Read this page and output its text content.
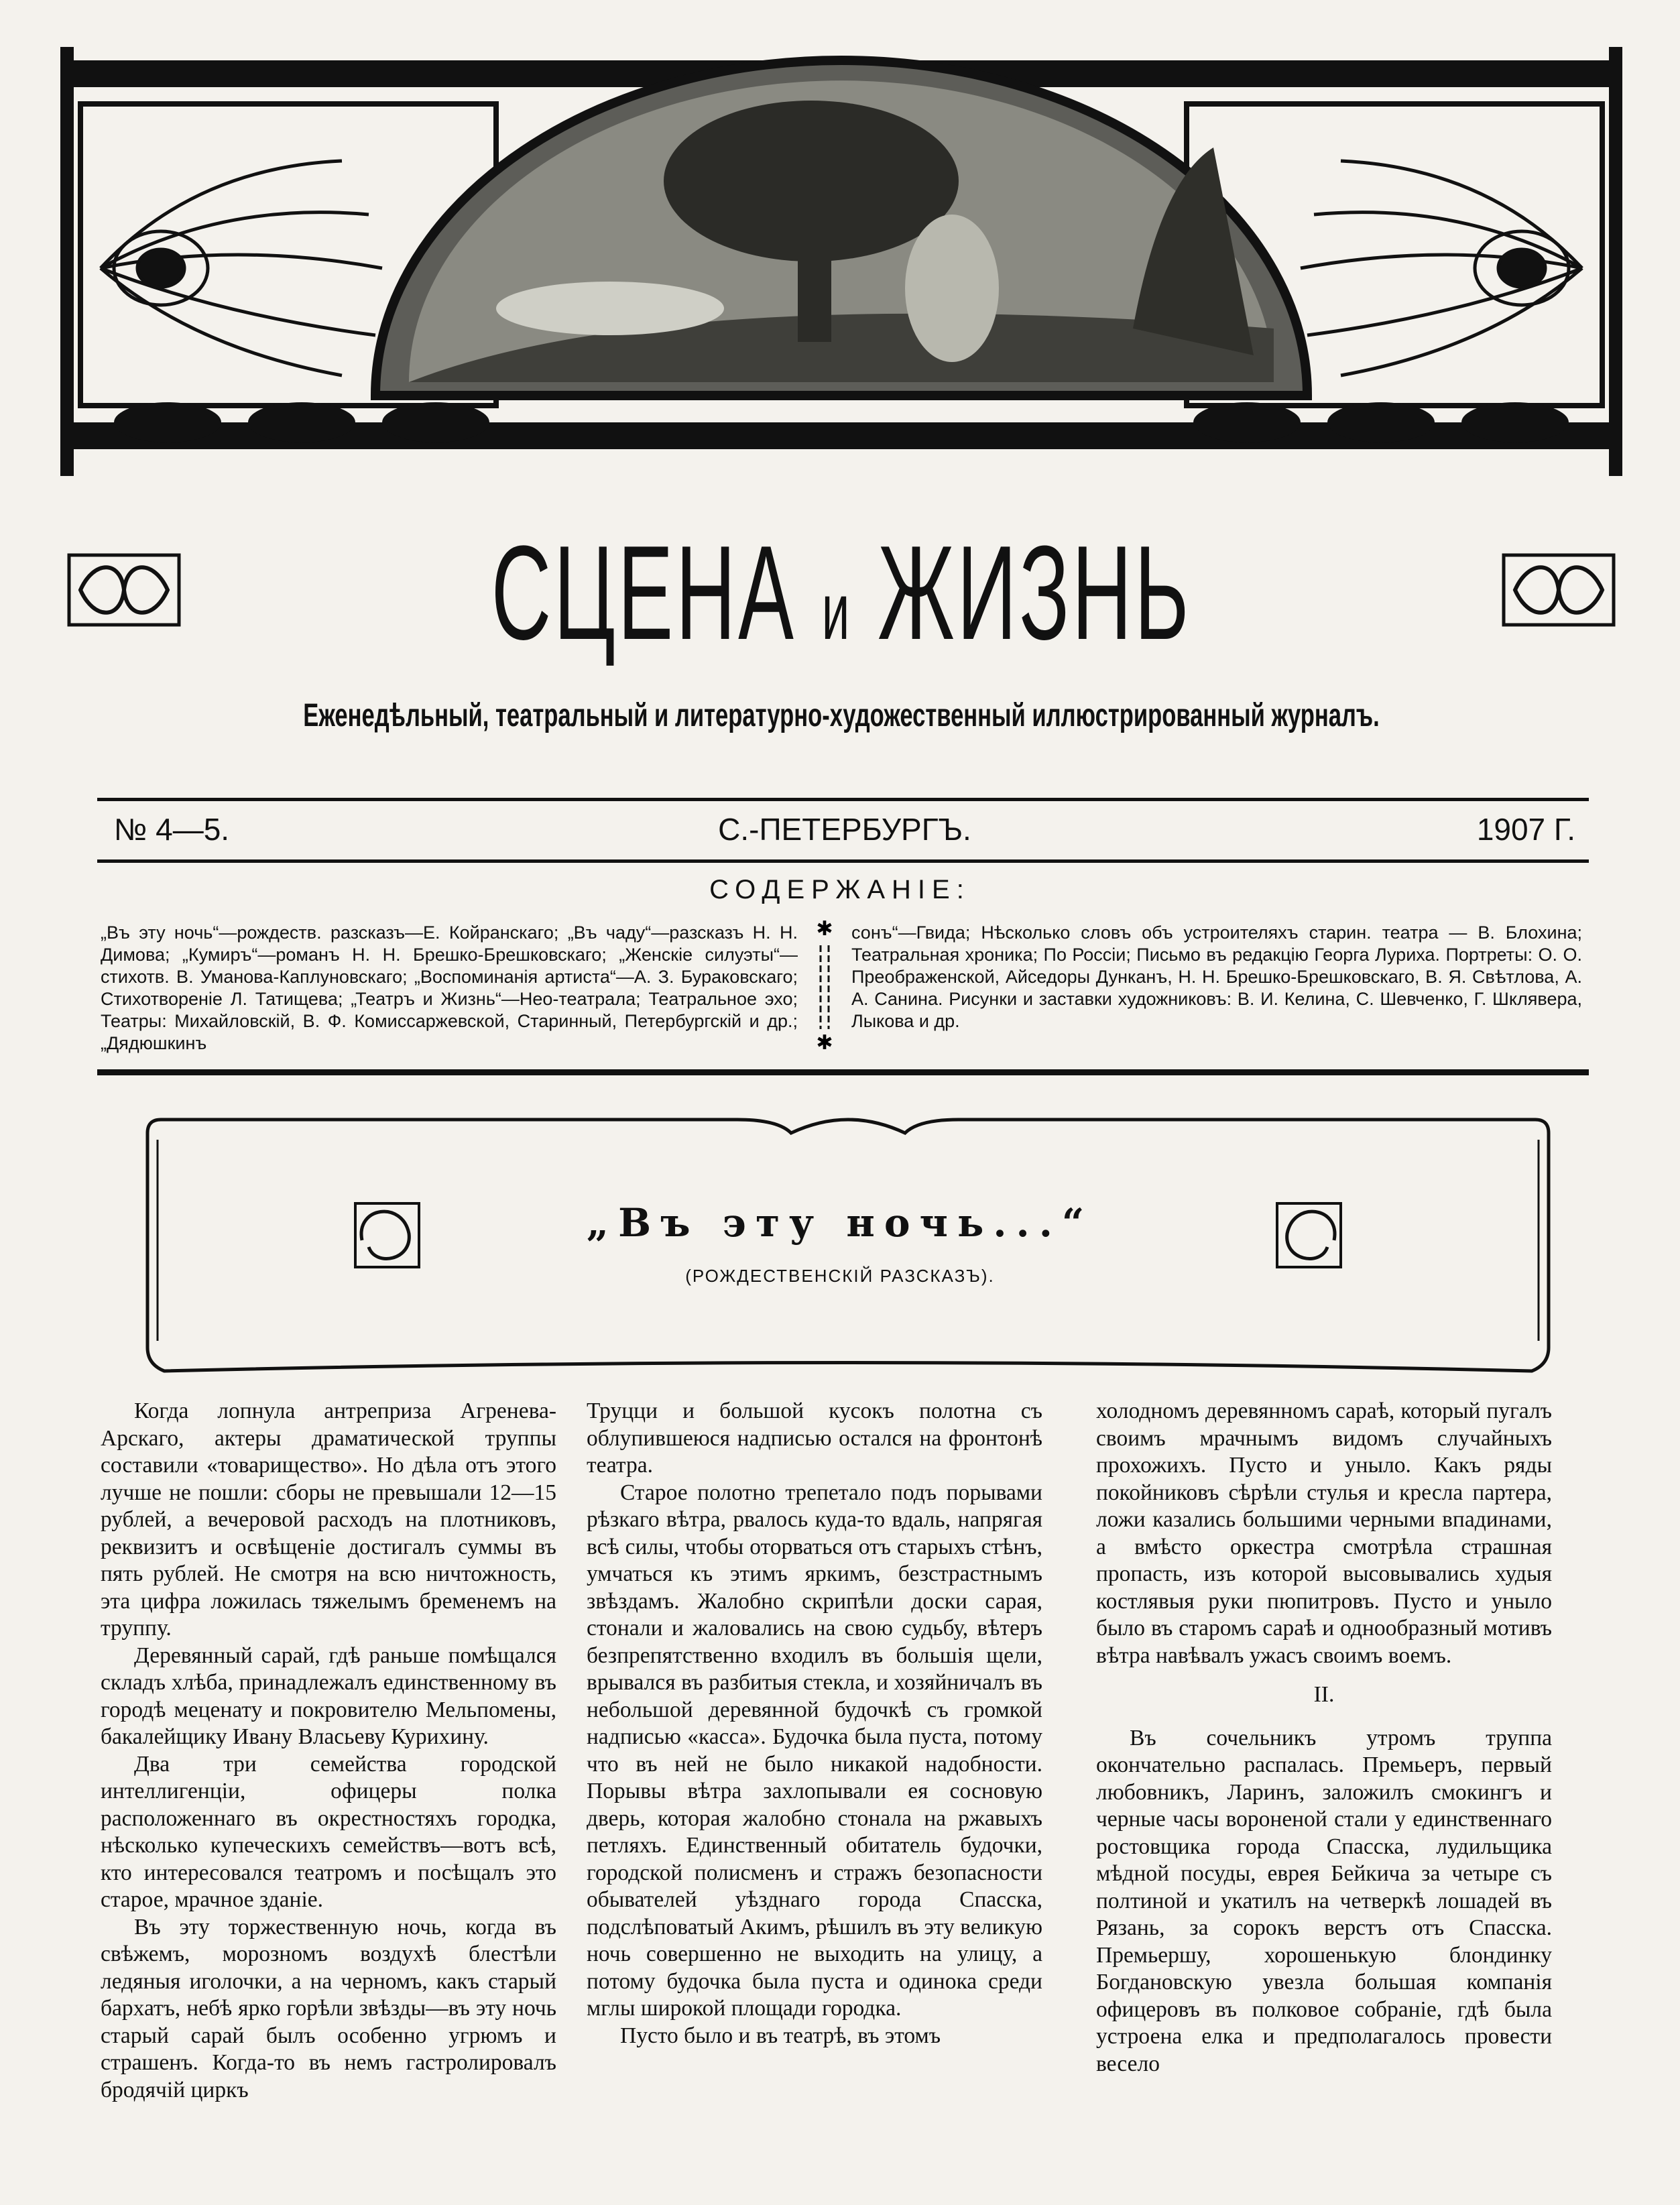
СЦЕНА и ЖИЗНЬ
Еженедѣльный, театральный и литературно-художественный иллюстрированный журналъ.
№ 4—5.	С.-ПЕТЕРБУРГЪ.	1907 Г.
СОДЕРЖАНІЕ:
„Въ эту ночь“—рождеств. разсказъ—Е. Койранскаго; „Въ чаду“—разсказъ Н. Н. Димова; „Кумиръ“—романъ Н. Н. Брешко-Брешковскаго; „Женскіе силуэты“—стихотв. В. Уманова-Каплуновскаго; „Воспоминанія артиста“—А. З. Бураковскаго; Стихотвореніе Л. Татищева; „Театръ и Жизнь“—Нео-театрала; Театральное эхо; Театры: Михайловскій, В. Ф. Комиссаржевской, Старинный, Петербургскій и др.; „Дядюшкинъ
✱
✱
сонъ“—Гвида; Нѣсколько словъ объ устроителяхъ старин. театра — В. Блохина; Театральная хроника; По Россіи; Письмо въ редакцію Георга Луриха. Портреты: О. О. Преображенской, Айседоры Дунканъ, Н. Н. Брешко-Брешковскаго, В. Я. Свѣтлова, А. А. Санина. Рисунки и заставки художниковъ: В. И. Келина, С. Шевченко, Г. Шклявера, Лыкова и др.
„Въ эту ночь...“
(РОЖДЕСТВЕНСКІЙ РАЗСКАЗЪ).

Когда лопнула антреприза Агренева-Арскаго, актеры драматической труппы составили «товарищество». Но дѣла отъ этого лучше не пошли: сборы не превышали 12—15 рублей, а вечеровой расходъ на плотниковъ, реквизитъ и освѣщеніе достигалъ суммы въ пять рублей. Не смотря на всю ничтожность, эта цифра ложилась тяжелымъ бременемъ на труппу.

Деревянный сарай, гдѣ раньше помѣщался складъ хлѣба, принадлежалъ единственному въ городѣ меценату и покровителю Мельпомены, бакалейщику Ивану Власьеву Курихину.

Два три семейства городской интеллигенціи, офицеры полка расположеннаго въ окрестностяхъ городка, нѣсколько купеческихъ семействъ—вотъ всѣ, кто интересовался театромъ и посѣщалъ это старое, мрачное зданіе.

Въ эту торжественную ночь, когда въ свѣжемъ, морозномъ воздухѣ блестѣли ледяныя иголочки, а на черномъ, какъ старый бархатъ, небѣ ярко горѣли звѣзды—въ эту ночь старый сарай былъ особенно угрюмъ и страшенъ. Когда-то въ немъ гастролировалъ бродячій циркъ

Труцци и большой кусокъ полотна съ облупившеюся надписью остался на фронтонѣ театра.

Старое полотно трепетало подъ порывами рѣзкаго вѣтра, рвалось куда-то вдаль, напрягая всѣ силы, чтобы оторваться отъ старыхъ стѣнъ, умчаться къ этимъ яркимъ, безстрастнымъ звѣздамъ. Жалобно скрипѣли доски сарая, стонали и жаловались на свою судьбу, вѣтеръ безпрепятственно входилъ въ большія щели, врывался въ разбитыя стекла, и хозяйничалъ въ небольшой деревянной будочкѣ съ громкой надписью «касса». Будочка была пуста, потому что въ ней не было никакой надобности. Порывы вѣтра захлопывали ея сосновую дверь, которая жалобно стонала на ржавыхъ петляхъ. Единственный обитатель будочки, городской полисменъ и стражъ безопасности обывателей уѣзднаго города Спасска, подслѣповатый Акимъ, рѣшилъ въ эту великую ночь совершенно не выходить на улицу, а потому будочка была пуста и одинока среди мглы широкой площади городка.

Пусто было и въ театрѣ, въ этомъ

холодномъ деревянномъ сараѣ, который пугалъ своимъ мрачнымъ видомъ случайныхъ прохожихъ. Пусто и уныло. Какъ ряды покойниковъ сѣрѣли стулья и кресла партера, ложи казались большими черными впадинами, а вмѣсто оркестра смотрѣла страшная пропасть, изъ которой высовывались худыя костлявыя руки пюпитровъ. Пусто и уныло было въ старомъ сараѣ и однообразный мотивъ вѣтра навѣвалъ ужасъ своимъ воемъ.

II.

Въ сочельникъ утромъ труппа окончательно распалась. Премьеръ, первый любовникъ, Ларинъ, заложилъ смокингъ и черные часы вороненой стали у единственнаго ростовщика города Спасска, лудильщика мѣдной посуды, еврея Бейкича за четыре съ полтиной и укатилъ на четверкѣ лошадей въ Рязань, за сорокъ верстъ отъ Спасска. Премьершу, хорошенькую блондинку Богдановскую увезла большая компанія офицеровъ въ полковое собраніе, гдѣ была устроена елка и предполагалось провести весело
